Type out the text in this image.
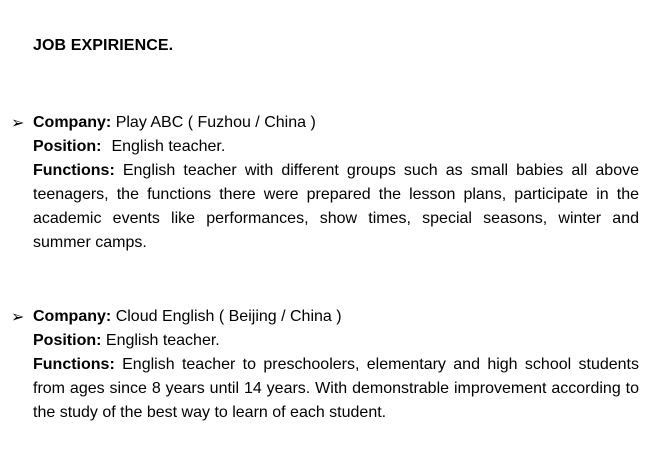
JOB EXPIRIENCE.
➢ Company: Play ABC ( Fuzhou / China )

Position: English teacher.

Functions: English teacher with different groups such as small babies all above teenagers, the functions there were prepared the lesson plans, participate in the academic events like performances, show times, special seasons, winter and summer camps.

➢ Company: Cloud English ( Beijing / China )

Position: English teacher.

Functions: English teacher to preschoolers, elementary and high school students from ages since 8 years until 14 years. With demonstrable improvement according to the study of the best way to learn of each student.
